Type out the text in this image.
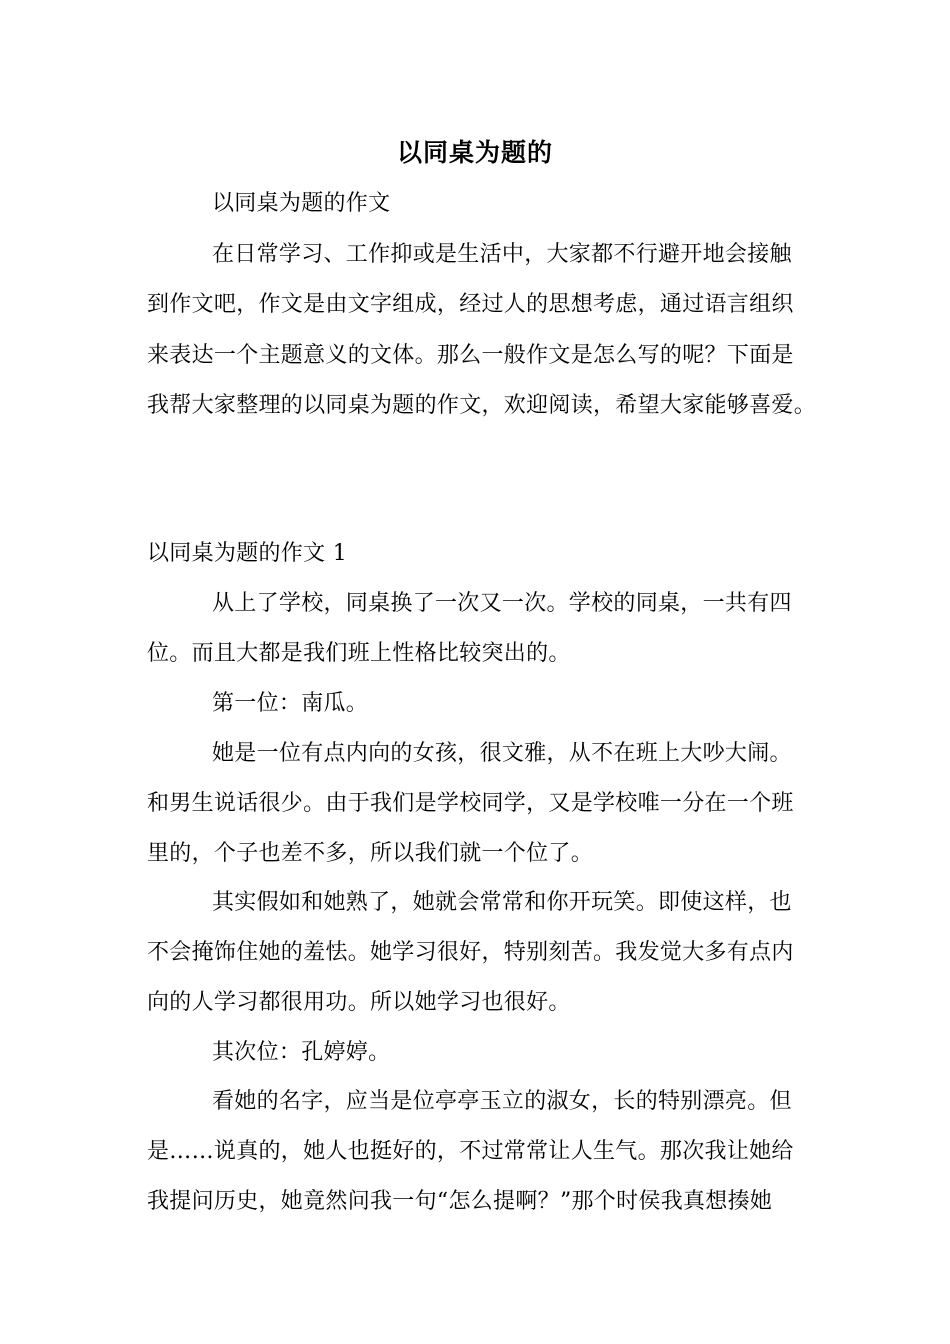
以同桌为题的
以同桌为题的作文
在日常学习、工作抑或是生活中，大家都不行避开地会接触
到作文吧，作文是由文字组成，经过人的思想考虑，通过语言组织
来表达一个主题意义的文体。那么一般作文是怎么写的呢？下面是
我帮大家整理的以同桌为题的作文，欢迎阅读，希望大家能够喜爱。
以同桌为题的作文 1
从上了学校，同桌换了一次又一次。学校的同桌，一共有四
位。而且大都是我们班上性格比较突出的。
第一位：南瓜。
她是一位有点内向的女孩，很文雅，从不在班上大吵大闹。
和男生说话很少。由于我们是学校同学，又是学校唯一分在一个班
里的，个子也差不多，所以我们就一个位了。
其实假如和她熟了，她就会常常和你开玩笑。即使这样，也
不会掩饰住她的羞怯。她学习很好，特别刻苦。我发觉大多有点内
向的人学习都很用功。所以她学习也很好。
其次位：孔婷婷。
看她的名字，应当是位亭亭玉立的淑女，长的特别漂亮。但
是……说真的，她人也挺好的，不过常常让人生气。那次我让她给
我提问历史，她竟然问我一句“怎么提啊？”那个时侯我真想揍她
